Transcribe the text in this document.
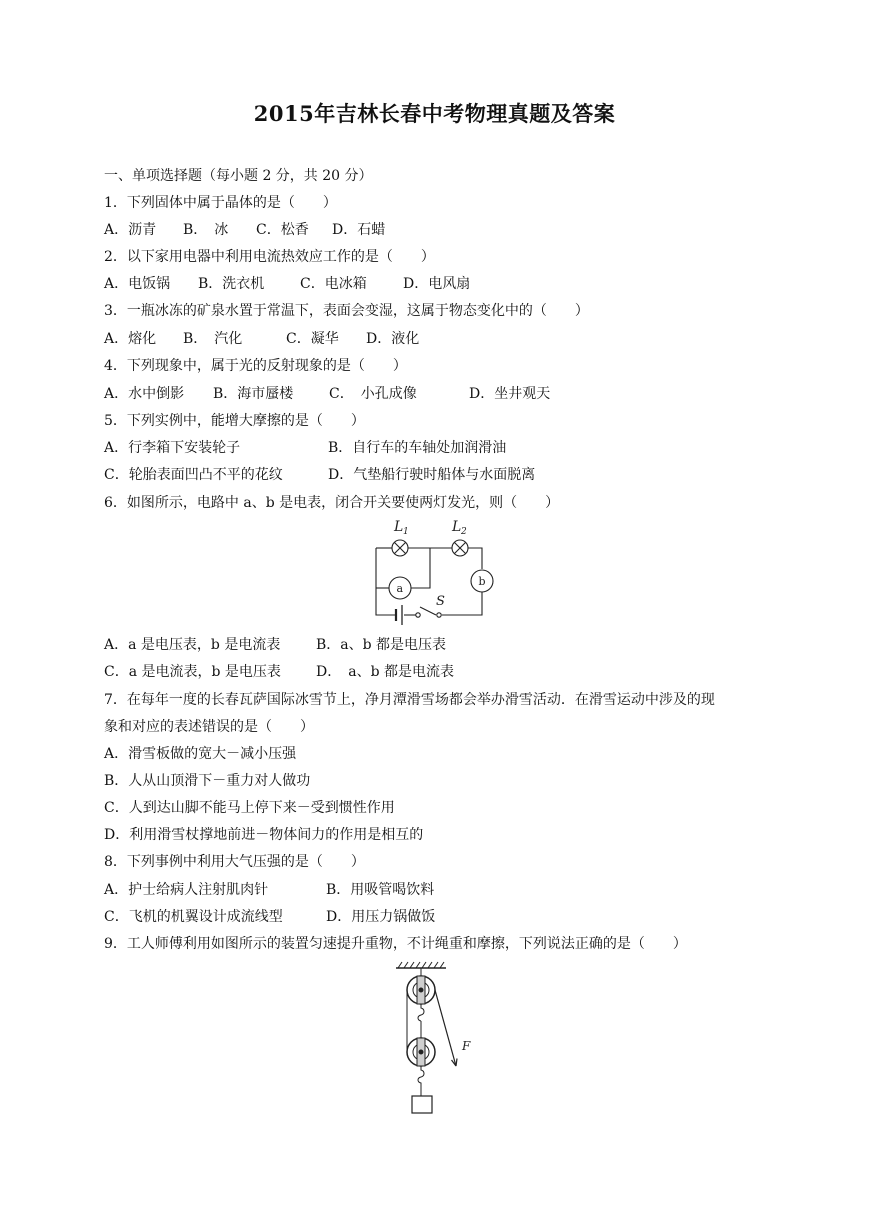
2015年吉林长春中考物理真题及答案
一、单项选择题（每小题 2 分，共 20 分）
1．下列固体中属于晶体的是（　　）

A．沥青

B．　冰

C．松香

D．石蜡

2．以下家用电器中利用电流热效应工作的是（　　）

A．电饭锅

B．洗衣机

	C．电冰箱

	D．电风扇

3．一瓶冰冻的矿泉水置于常温下，表面会变湿，这属于物态变化中的（　　）

A．熔化

B．　汽化

	C．凝华

D．液化

4．下列现象中，属于光的反射现象的是（　　）

A．水中倒影

B．海市蜃楼

	C．　小孔成像

	D．坐井观天

5．下列实例中，能增大摩擦的是（　　）

A．行李箱下安装轮子

	B．自行车的车轴处加润滑油

C．轮胎表面凹凸不平的花纹

	D．气垫船行驶时船体与水面脱离

6．如图所示，电路中 a、b 是电表，闭合开关要使两灯发光，则（　　）
L 1	L 2
a
b
S

A．a 是电压表，b 是电流表

	B．a、b 都是电压表

C．a 是电流表，b 是电压表

	D．　a、b 都是电流表

7．在每年一度的长春瓦萨国际冰雪节上，净月潭滑雪场都会举办滑雪活动．在滑雪运动中涉及的现
象和对应的表述错误的是（　　）
A．滑雪板做的宽大－减小压强
B．人从山顶滑下－重力对人做功
C．人到达山脚不能马上停下来－受到惯性作用
D．利用滑雪杖撑地前进－物体间力的作用是相互的
8．下列事例中利用大气压强的是（　　）

A．护士给病人注射肌肉针

	B．用吸管喝饮料

C．飞机的机翼设计成流线型

	D．用压力锅做饭

9．工人师傅利用如图所示的装置匀速提升重物，不计绳重和摩擦，下列说法正确的是（　　）
F
